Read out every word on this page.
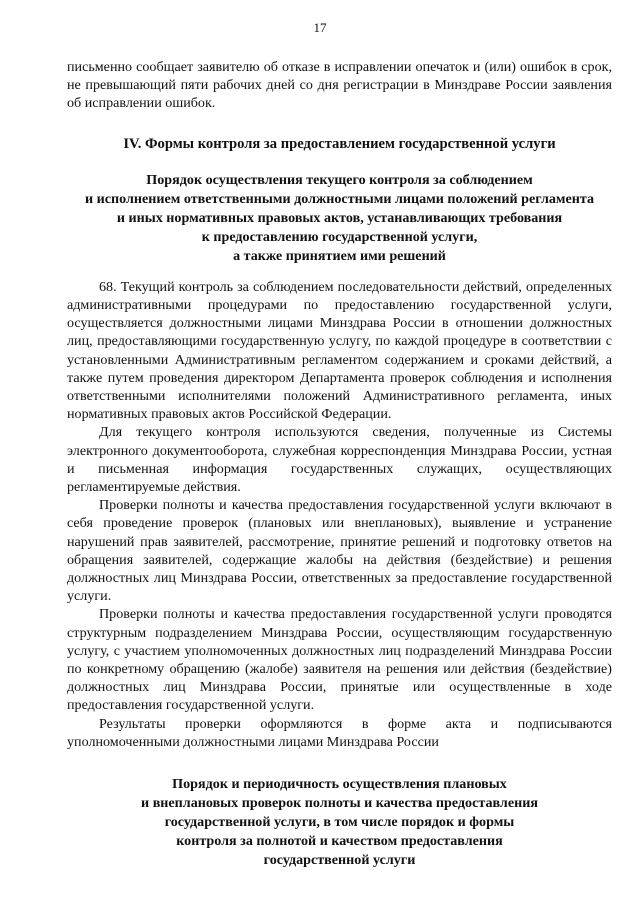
17

письменно сообщает заявителю об отказе в исправлении опечаток и (или) ошибок в срок, не превышающий пяти рабочих дней со дня регистрации в Минздраве России заявления об исправлении ошибок.

IV. Формы контроля за предоставлением государственной услуги

Порядок осуществления текущего контроля за соблюдением
и исполнением ответственными должностными лицами положений регламента
и иных нормативных правовых актов, устанавливающих требования
к предоставлению государственной услуги,
а также принятием ими решений

68. Текущий контроль за соблюдением последовательности действий, определенных административными процедурами по предоставлению государственной услуги, осуществляется должностными лицами Минздрава России в отношении должностных лиц, предоставляющими государственную услугу, по каждой процедуре в соответствии с установленными Административным регламентом содержанием и сроками действий, а также путем проведения директором Департамента проверок соблюдения и исполнения ответственными исполнителями положений Административного регламента, иных нормативных правовых актов Российской Федерации.

Для текущего контроля используются сведения, полученные из Системы электронного документооборота, служебная корреспонденция Минздрава России, устная и письменная информация государственных служащих, осуществляющих регламентируемые действия.

Проверки полноты и качества предоставления государственной услуги включают в себя проведение проверок (плановых или внеплановых), выявление и устранение нарушений прав заявителей, рассмотрение, принятие решений и подготовку ответов на обращения заявителей, содержащие жалобы на действия (бездействие) и решения должностных лиц Минздрава России, ответственных за предоставление государственной услуги.

Проверки полноты и качества предоставления государственной услуги проводятся структурным подразделением Минздрава России, осуществляющим государственную услугу, с участием уполномоченных должностных лиц подразделений Минздрава России по конкретному обращению (жалобе) заявителя на решения или действия (бездействие) должностных лиц Минздрава России, принятые или осуществленные в ходе предоставления государственной услуги.

Результаты проверки оформляются в форме акта и подписываются уполномоченными должностными лицами Минздрава России

Порядок и периодичность осуществления плановых
и внеплановых проверок полноты и качества предоставления
государственной услуги, в том числе порядок и формы
контроля за полнотой и качеством предоставления
государственной услуги
